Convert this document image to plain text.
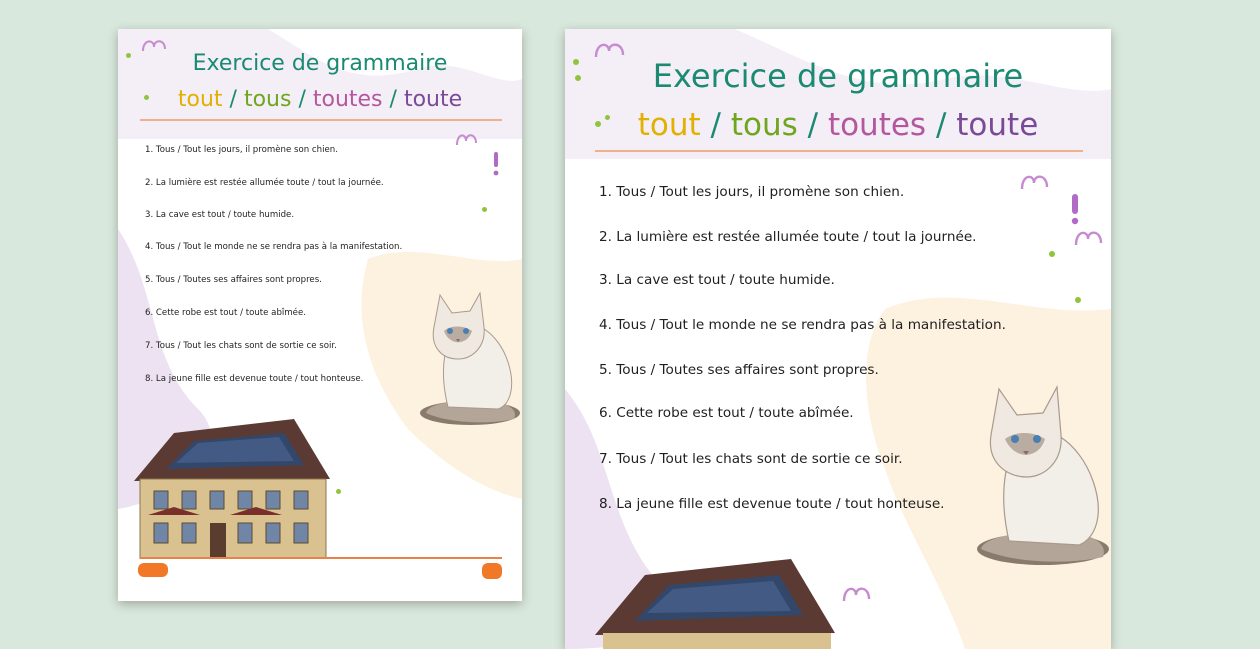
Exercice de grammaire
tout / tous / toutes / toute
1. Tous / Tout les jours, il promène son chien.
2. La lumière est restée allumée toute / tout la journée.
3. La cave est tout / toute humide.
4. Tous / Tout le monde ne se rendra pas à la manifestation.
5. Tous / Toutes ses affaires sont propres.
6. Cette robe est tout / toute abîmée.
7. Tous / Tout les chats sont de sortie ce soir.
8. La jeune fille est devenue toute / tout honteuse.
Exercice de grammaire
tout / tous / toutes / toute
1. Tous / Tout les jours, il promène son chien.
2. La lumière est restée allumée toute / tout la journée.
3. La cave est tout / toute humide.
4. Tous / Tout le monde ne se rendra pas à la manifestation.
5. Tous / Toutes ses affaires sont propres.
6. Cette robe est tout / toute abîmée.
7. Tous / Tout les chats sont de sortie ce soir.
8. La jeune fille est devenue toute / tout honteuse.
